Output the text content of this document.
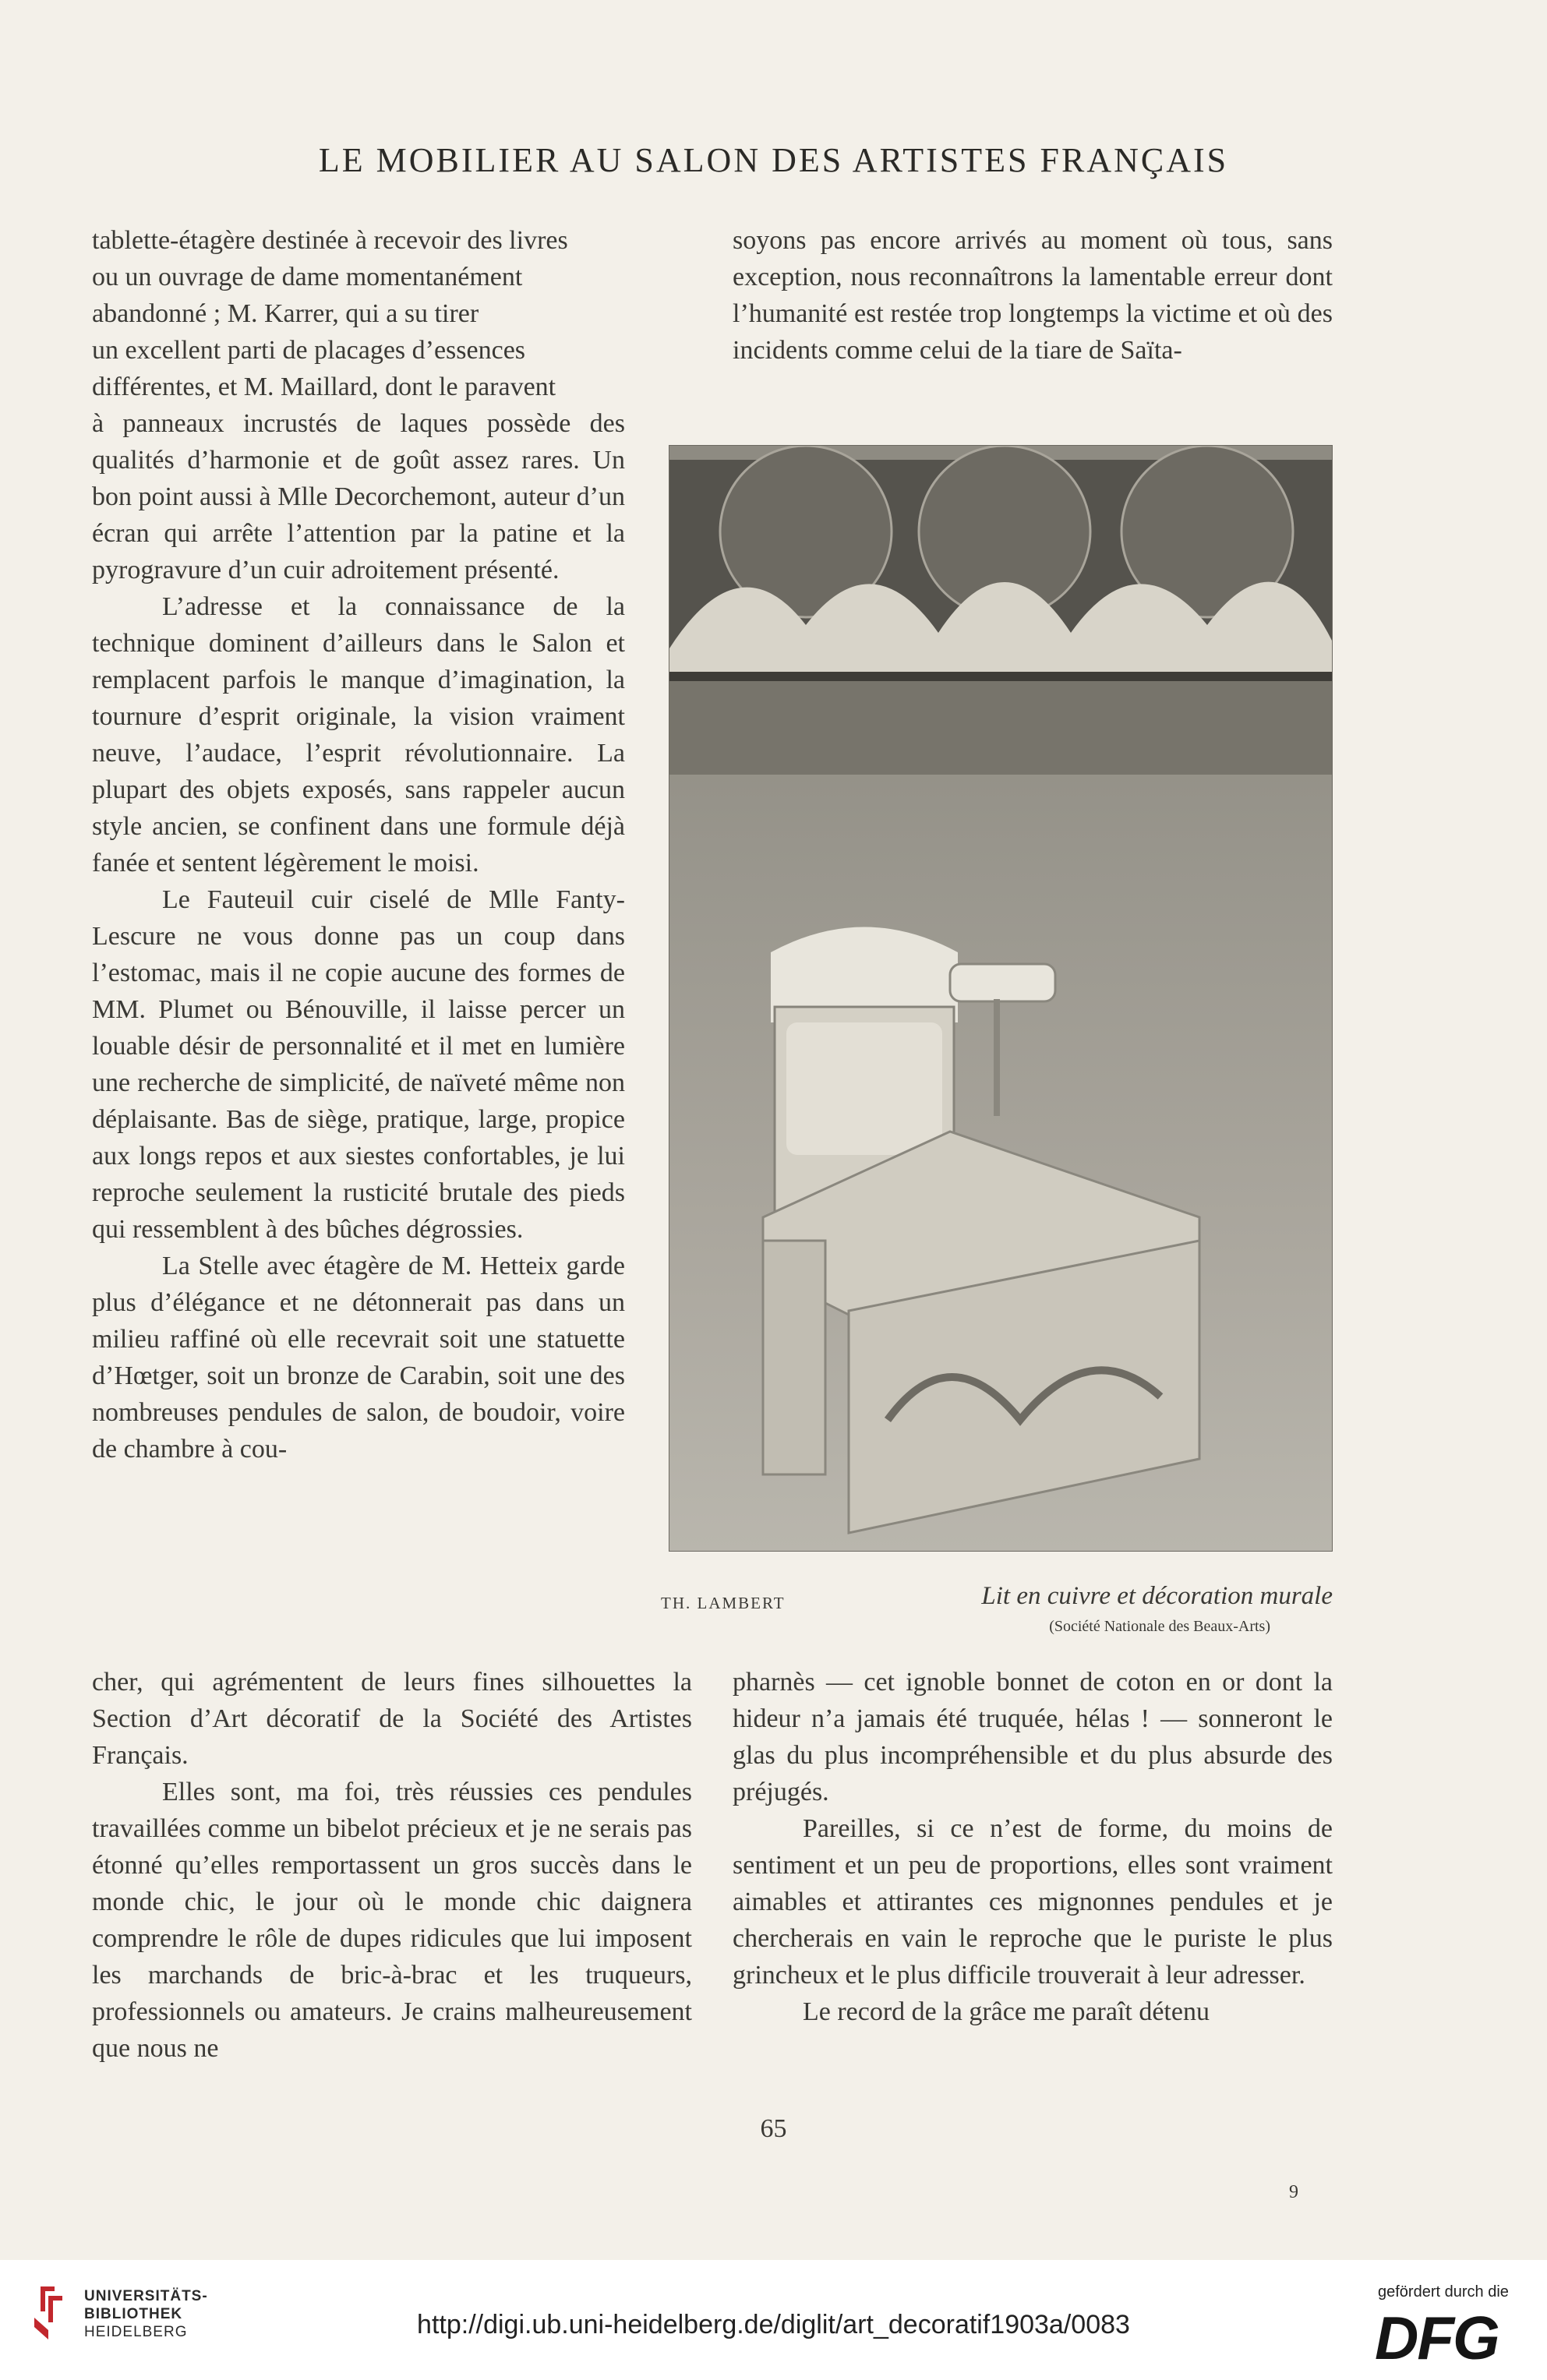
LE MOBILIER AU SALON DES ARTISTES FRANÇAIS
tablette-étagère destinée à recevoir des livres
ou un ouvrage de dame momentanément
abandonné ; M. Karrer, qui a su tirer
un excellent parti de placages d’essences
différentes, et M. Maillard, dont le paravent

à panneaux incrustés de laques possède des qualités d’harmonie et de goût assez rares. Un bon point aussi à Mlle Decorchemont, auteur d’un écran qui arrête l’attention par la patine et la pyrogravure d’un cuir adroitement présenté.

L’adresse et la connaissance de la technique dominent d’ailleurs dans le Salon et remplacent parfois le manque d’imagination, la tournure d’esprit originale, la vision vraiment neuve, l’audace, l’esprit révolutionnaire. La plupart des objets exposés, sans rappeler aucun style ancien, se confinent dans une formule déjà fanée et sentent légèrement le moisi.

Le Fauteuil cuir ciselé de Mlle Fanty-Lescure ne vous donne pas un coup dans l’estomac, mais il ne copie aucune des formes de MM. Plumet ou Bénouville, il laisse percer un louable désir de personnalité et il met en lumière une recherche de simplicité, de naïveté même non déplaisante. Bas de siège, pratique, large, propice aux longs repos et aux siestes confortables, je lui reproche seulement la rusticité brutale des pieds qui ressemblent à des bûches dégrossies.

La Stelle avec étagère de M. Hetteix garde plus d’élégance et ne détonnerait pas dans un milieu raffiné où elle recevrait soit une statuette d’Hœtger, soit un bronze de Carabin, soit une des nombreuses pendules de salon, de boudoir, voire de chambre à cou-

cher, qui agrémentent de leurs fines silhouettes la Section d’Art décoratif de la Société des Artistes Français.

Elles sont, ma foi, très réussies ces pendules travaillées comme un bibelot précieux et je ne serais pas étonné qu’elles remportassent un gros succès dans le monde chic, le jour où le monde chic daignera comprendre le rôle de dupes ridicules que lui imposent les marchands de bric-à-brac et les truqueurs, professionnels ou amateurs. Je crains malheureusement que nous ne

soyons pas encore arrivés au moment où tous, sans exception, nous reconnaîtrons la lamentable erreur dont l’humanité est restée trop longtemps la victime et où des incidents comme celui de la tiare de Saïta-

TH. LAMBERT	Lit en cuivre et décoration murale
(Société Nationale des Beaux-Arts)

pharnès — cet ignoble bonnet de coton en or dont la hideur n’a jamais été truquée, hélas ! — sonneront le glas du plus incompréhensible et du plus absurde des préjugés.

Pareilles, si ce n’est de forme, du moins de sentiment et un peu de proportions, elles sont vraiment aimables et attirantes ces mignonnes pendules et je chercherais en vain le reproche que le puriste le plus grincheux et le plus difficile trouverait à leur adresser.

Le record de la grâce me paraît détenu

65
9
UNIVERSITÄTS-
BIBLIOTHEK
HEIDELBERG	http://digi.ub.uni-heidelberg.de/diglit/art_decoratif1903a/0083
gefördert durch die
DFG
